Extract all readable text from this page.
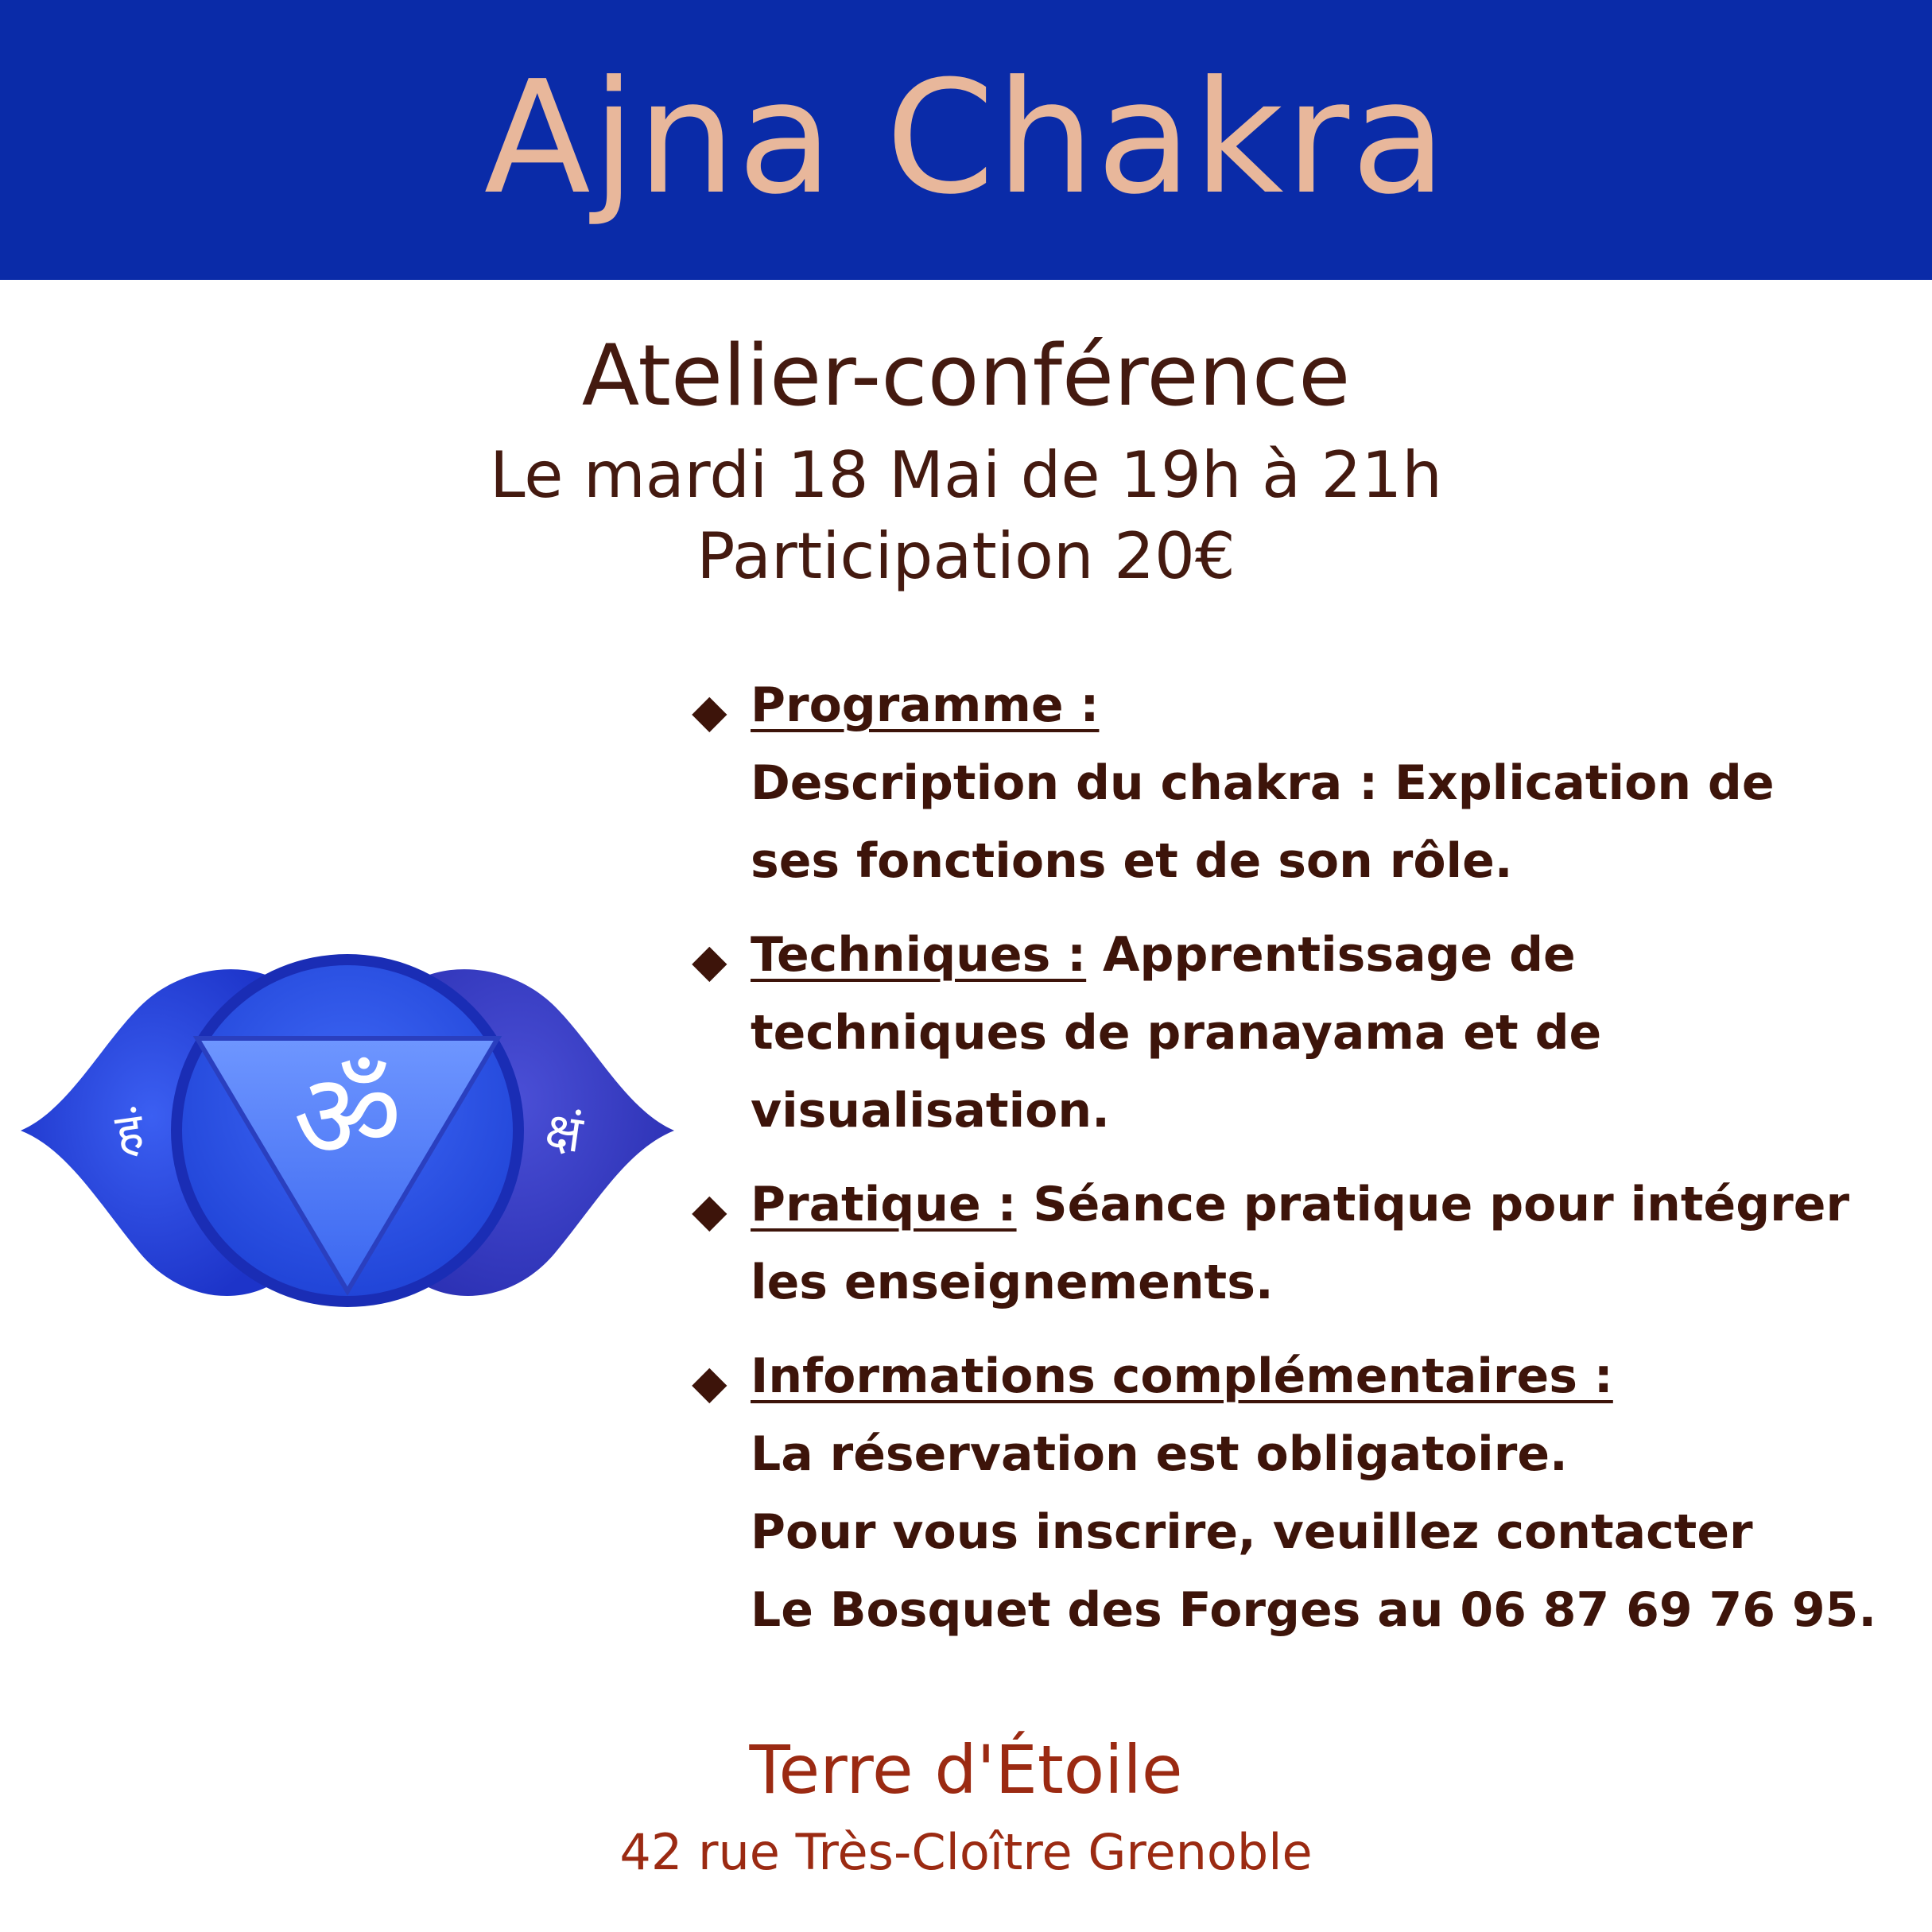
Ajna Chakra
Atelier-conférence
Le mardi 18 Mai de 19h à 21h
Participation 20€
ॐ
हं	क्षं
◆ Programme :
Description du chakra : Explication de
ses fonctions et de son rôle.
◆ Techniques : Apprentissage de
techniques de pranayama et de
visualisation.
◆ Pratique : Séance pratique pour intégrer
les enseignements.
◆ Informations complémentaires :
La réservation est obligatoire.
Pour vous inscrire, veuillez contacter
Le Bosquet des Forges au 06 87 69 76 95.
Terre d'Étoile
42 rue Très-Cloître Grenoble
